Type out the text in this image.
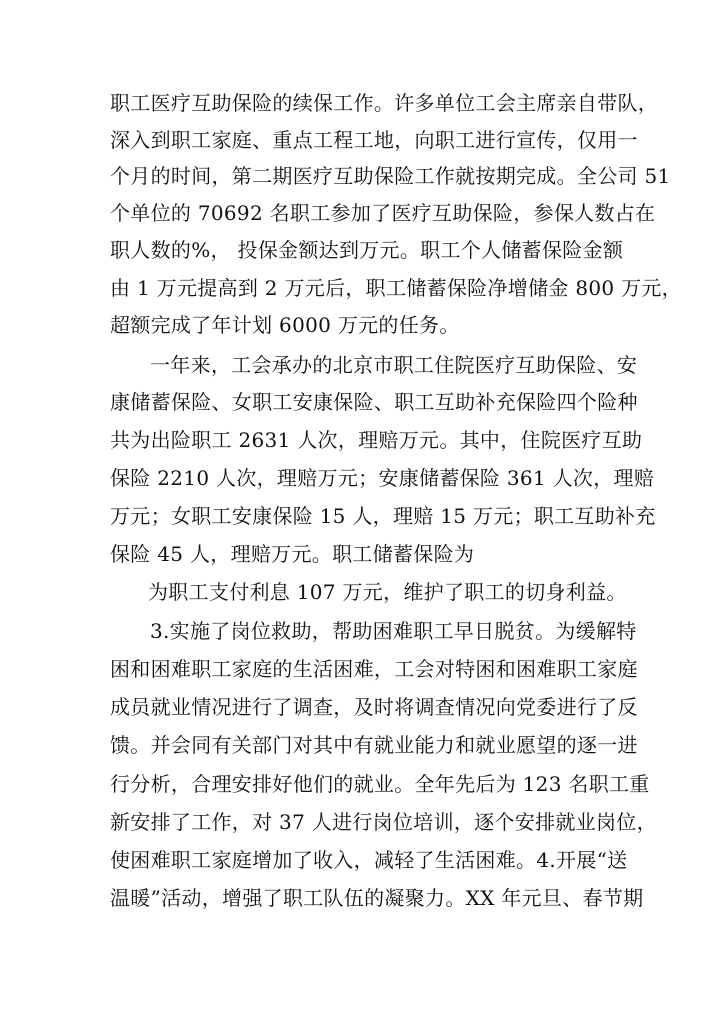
职工医疗互助保险的续保工作。许多单位工会主席亲自带队，
深入到职工家庭、重点工程工地，向职工进行宣传，仅用一
个月的时间，第二期医疗互助保险工作就按期完成。全公司 51
个单位的 70692 名职工参加了医疗互助保险，参保人数占在
职人数的%， 投保金额达到万元。职工个人储蓄保险金额
由 1 万元提高到 2 万元后，职工储蓄保险净增储金 800 万元，
超额完成了年计划 6000 万元的任务。
一年来，工会承办的北京市职工住院医疗互助保险、安
康储蓄保险、女职工安康保险、职工互助补充保险四个险种
共为出险职工 2631 人次，理赔万元。其中，住院医疗互助
保险 2210 人次，理赔万元；安康储蓄保险 361 人次，理赔
万元；女职工安康保险 15 人，理赔 15 万元；职工互助补充
保险 45 人，理赔万元。职工储蓄保险为
为职工支付利息 107 万元，维护了职工的切身利益。
3.实施了岗位救助，帮助困难职工早日脱贫。为缓解特
困和困难职工家庭的生活困难，工会对特困和困难职工家庭
成员就业情况进行了调查，及时将调查情况向党委进行了反
馈。并会同有关部门对其中有就业能力和就业愿望的逐一进
行分析，合理安排好他们的就业。全年先后为 123 名职工重
新安排了工作，对 37 人进行岗位培训，逐个安排就业岗位，
使困难职工家庭增加了收入，减轻了生活困难。4.开展“送
温暖”活动，增强了职工队伍的凝聚力。XX 年元旦、春节期
